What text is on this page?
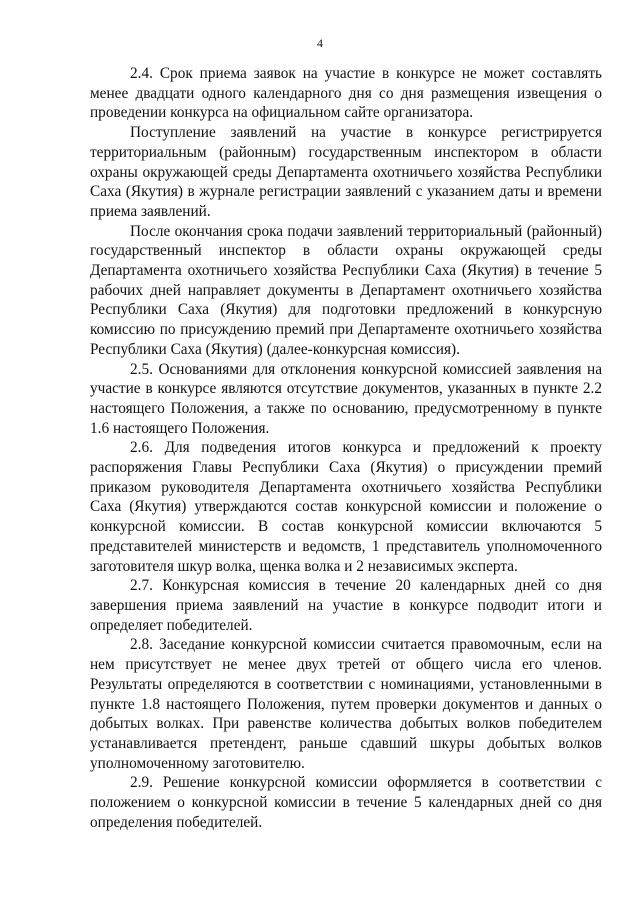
4

2.4. Срок приема заявок на участие в конкурсе не может составлять менее двадцати одного календарного дня со дня размещения извещения о проведении конкурса на официальном сайте организатора.

Поступление заявлений на участие в конкурсе регистрируется территориальным (районным) государственным инспектором в области охраны окружающей среды Департамента охотничьего хозяйства Республики Саха (Якутия) в журнале регистрации заявлений с указанием даты и времени приема заявлений.

После окончания срока подачи заявлений территориальный (районный) государственный инспектор в области охраны окружающей среды Департамента охотничьего хозяйства Республики Саха (Якутия) в течение 5 рабочих дней направляет документы в Департамент охотничьего хозяйства Республики Саха (Якутия) для подготовки предложений в конкурсную комиссию по присуждению премий при Департаменте охотничьего хозяйства Республики Саха (Якутия) (далее-конкурсная комиссия).

2.5. Основаниями для отклонения конкурсной комиссией заявления на участие в конкурсе являются отсутствие документов, указанных в пункте 2.2 настоящего Положения, а также по основанию, предусмотренному в пункте 1.6 настоящего Положения.

2.6. Для подведения итогов конкурса и предложений к проекту распоряжения Главы Республики Саха (Якутия) о присуждении премий приказом руководителя Департамента охотничьего хозяйства Республики Саха (Якутия) утверждаются состав конкурсной комиссии и положение о конкурсной комиссии. В состав конкурсной комиссии включаются 5 представителей министерств и ведомств, 1 представитель уполномоченного заготовителя шкур волка, щенка волка и 2 независимых эксперта.

2.7. Конкурсная комиссия в течение 20 календарных дней со дня завершения приема заявлений на участие в конкурсе подводит итоги и определяет победителей.

2.8. Заседание конкурсной комиссии считается правомочным, если на нем присутствует не менее двух третей от общего числа его членов. Результаты определяются в соответствии с номинациями, установленными в пункте 1.8 настоящего Положения, путем проверки документов и данных о добытых волках. При равенстве количества добытых волков победителем устанавливается претендент, раньше сдавший шкуры добытых волков уполномоченному заготовителю.

2.9. Решение конкурсной комиссии оформляется в соответствии с положением о конкурсной комиссии в течение 5 календарных дней со дня определения победителей.
